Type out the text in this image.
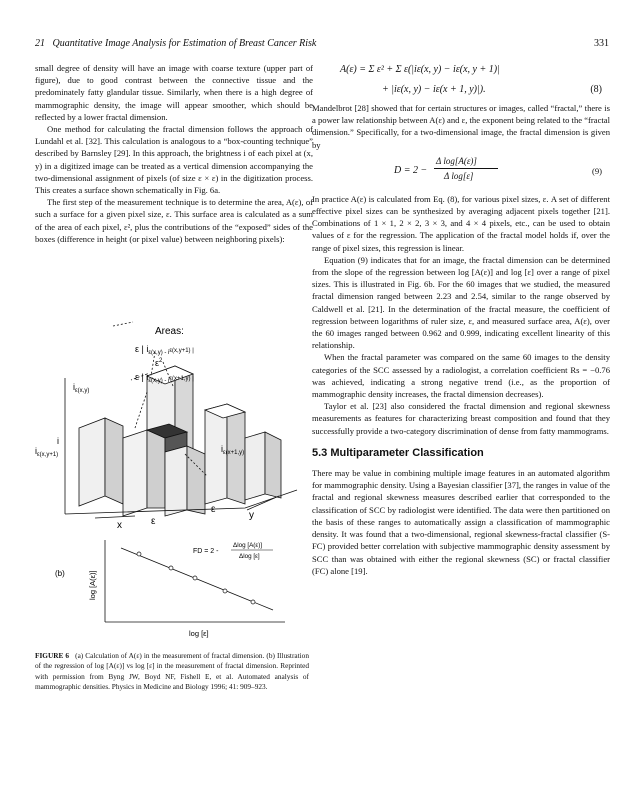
21 Quantitative Image Analysis for Estimation of Breast Cancer Risk	331

small degree of density will have an image with coarse texture (upper part of figure), due to good contrast between the connective tissue and the predominately fatty glandular tissue. Similarly, when there is a high degree of mammographic density, the image will appear smoother, which should be reflected by a lower fractal dimension.

One method for calculating the fractal dimension follows the approach of Lundahl et al. [32]. This calculation is analogous to a “box-counting technique” described by Barnsley [29]. In this approach, the brightness i of each pixel at (x, y) in a digitized image can be treated as a vertical dimension accompanying the two-dimensional assignment of pixels (of size ε × ε) in the digitization process. This creates a surface shown schematically in Fig. 6a.

The first step of the measurement technique is to determine the area, A(ε), of such a surface for a given pixel size, ε. This surface area is calculated as a sum of the area of each pixel, ε², plus the contributions of the “exposed” sides of the boxes (difference in height (or pixel value) between neighboring pixels):

Areas:
ε | $i_{\varepsilon(x,y) - i}^{\varepsilon(x,y+1) |}$
$\varepsilon^2$
ε | $i_{\varepsilon(x,y) - i}^{\varepsilon(x+1,y) |}$
$i_{\varepsilon(x,y)}$
$i_{\varepsilon(x,y+1)}$
$i_{\varepsilon(x+1,y)}$
i
x
y
ε
ε
(b)	log [A(ε)]
log [ε]
FD = 2 -
Δlog [A(ε)]
Δlog [ε]
FIGURE 6 (a) Calculation of A(ε) in the measurement of fractal dimension. (b) Illustration of the regression of log [A(ε)] vs log [ε] in the measurement of fractal dimension. Reprinted with permission from Byng JW, Boyd NF, Fishell E, et al. Automated analysis of mammographic densities. Physics in Medicine and Biology 1996; 41: 909–923.
A(ε) = Σ ε² + Σ ε(|iε(x, y) − iε(x, y + 1)|
+ |iε(x, y) − iε(x + 1, y)|).	(8)

Mandelbrot [28] showed that for certain structures or images, called “fractal,” there is a power law relationship between A(ε) and ε, the exponent being related to the “fractal dimension.” Specifically, for a two-dimensional image, the fractal dimension is given by

D = 2 −
Δ log[A(ε)]
Δ log[ε]	(9)

In practice A(ε) is calculated from Eq. (8), for various pixel sizes, ε. A set of different effective pixel sizes can be synthesized by averaging adjacent pixels together [21]. Combinations of 1 × 1, 2 × 2, 3 × 3, and 4 × 4 pixels, etc., can be used to obtain values of ε for the regression. The application of the fractal model holds if, over the range of pixel sizes, this regression is linear.

Equation (9) indicates that for an image, the fractal dimension can be determined from the slope of the regression between log [A(ε)] and log [ε] over a range of pixel sizes. This is illustrated in Fig. 6b. For the 60 images that we studied, the measured fractal dimension ranged between 2.23 and 2.54, similar to the range observed by Caldwell et al. [21]. In the determination of the fractal measure, the coefficient of regression between logarithms of ruler size, ε, and measured surface area, A(ε), over the 60 images ranged between 0.962 and 0.999, indicating excellent linearity of this relationship.

When the fractal parameter was compared on the same 60 images to the density categories of the SCC assessed by a radiologist, a correlation coefficient Rs = −0.76 was achieved, indicating a strong negative trend (i.e., as the proportion of mammographic density increases, the fractal dimension decreases).

Taylor et al. [23] also considered the fractal dimension and regional skewness measurements as features for characterizing breast composition and found that they successfully provide a two-category discrimination of dense from fatty mammograms.

5.3 Multiparameter Classification

There may be value in combining multiple image features in an automated algorithm for mammographic density. Using a Bayesian classifier [37], the ranges in value of the fractal and regional skewness measures described earlier that corresponded to the classification of SCC by radiologist were identified. The data were then partitioned on the basis of these ranges to automatically assign a classification of mammographic density. It was found that a two-dimensional, regional skewness-fractal classifier (S-FC) provided better correlation with subjective mammographic density assessment by SCC than was obtained with either the regional skewness (SC) or fractal classifier (FC) alone [19].
